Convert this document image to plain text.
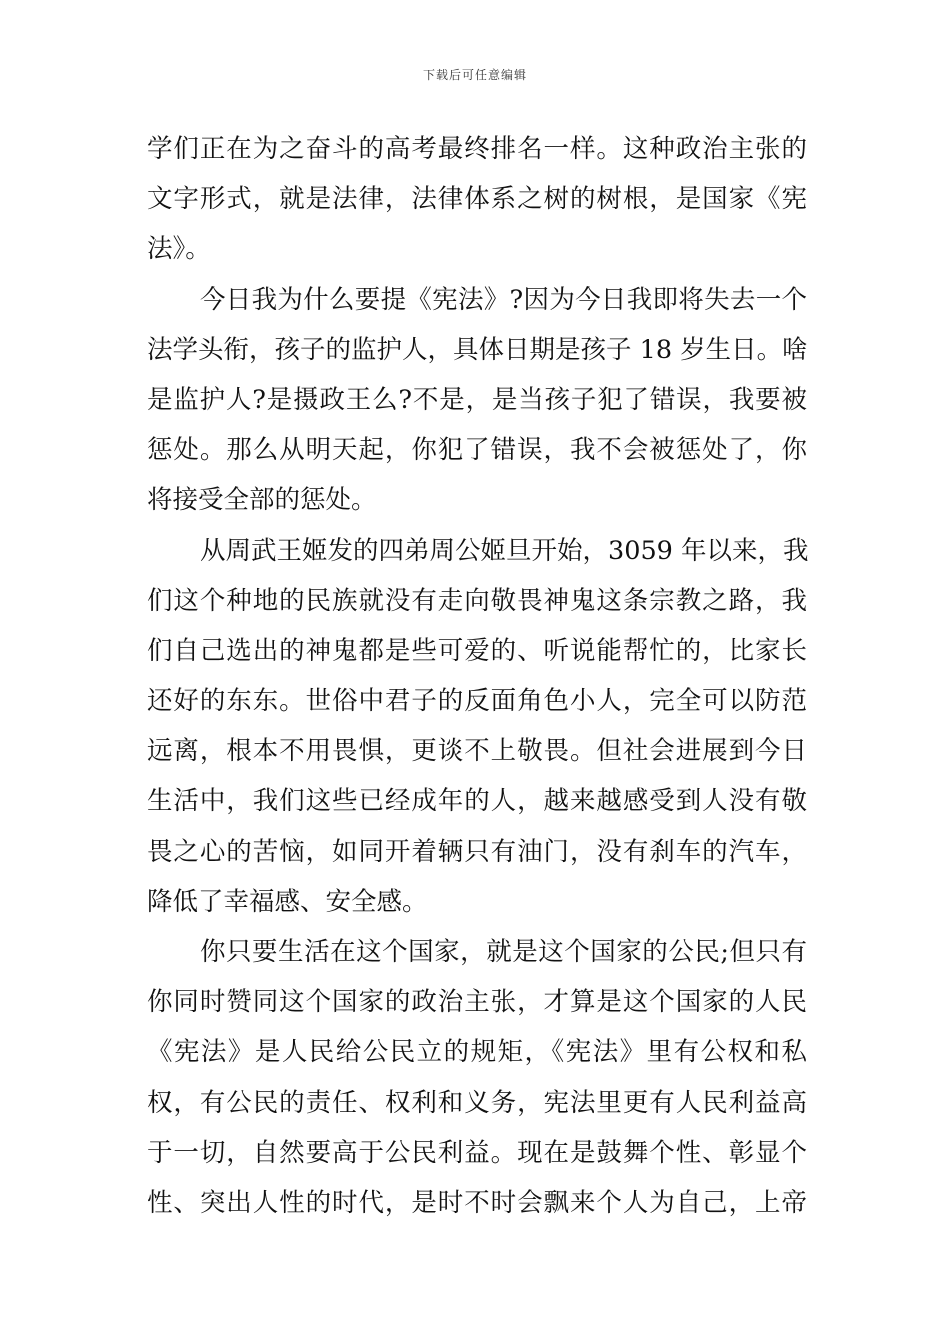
下载后可任意编辑
学们正在为之奋斗的高考最终排名一样。这种政治主张的
文字形式，就是法律，法律体系之树的树根，是国家《宪
法》。
今日我为什么要提《宪法》?因为今日我即将失去一个
法学头衔，孩子的监护人，具体日期是孩子 18 岁生日。啥
是监护人?是摄政王么?不是，是当孩子犯了错误，我要被
惩处。那么从明天起，你犯了错误，我不会被惩处了，你
将接受全部的惩处。
从周武王姬发的四弟周公姬旦开始，3059 年以来，我
们这个种地的民族就没有走向敬畏神鬼这条宗教之路，我
们自己选出的神鬼都是些可爱的、听说能帮忙的，比家长
还好的东东。世俗中君子的反面角色小人，完全可以防范
远离，根本不用畏惧，更谈不上敬畏。但社会进展到今日
生活中，我们这些已经成年的人，越来越感受到人没有敬
畏之心的苦恼，如同开着辆只有油门，没有刹车的汽车，
降低了幸福感、安全感。
你只要生活在这个国家，就是这个国家的公民;但只有
你同时赞同这个国家的政治主张，才算是这个国家的人民
《宪法》是人民给公民立的规矩，《宪法》里有公权和私
权，有公民的责任、权利和义务，宪法里更有人民利益高
于一切，自然要高于公民利益。现在是鼓舞个性、彰显个
性、突出人性的时代，是时不时会飘来个人为自己，上帝
